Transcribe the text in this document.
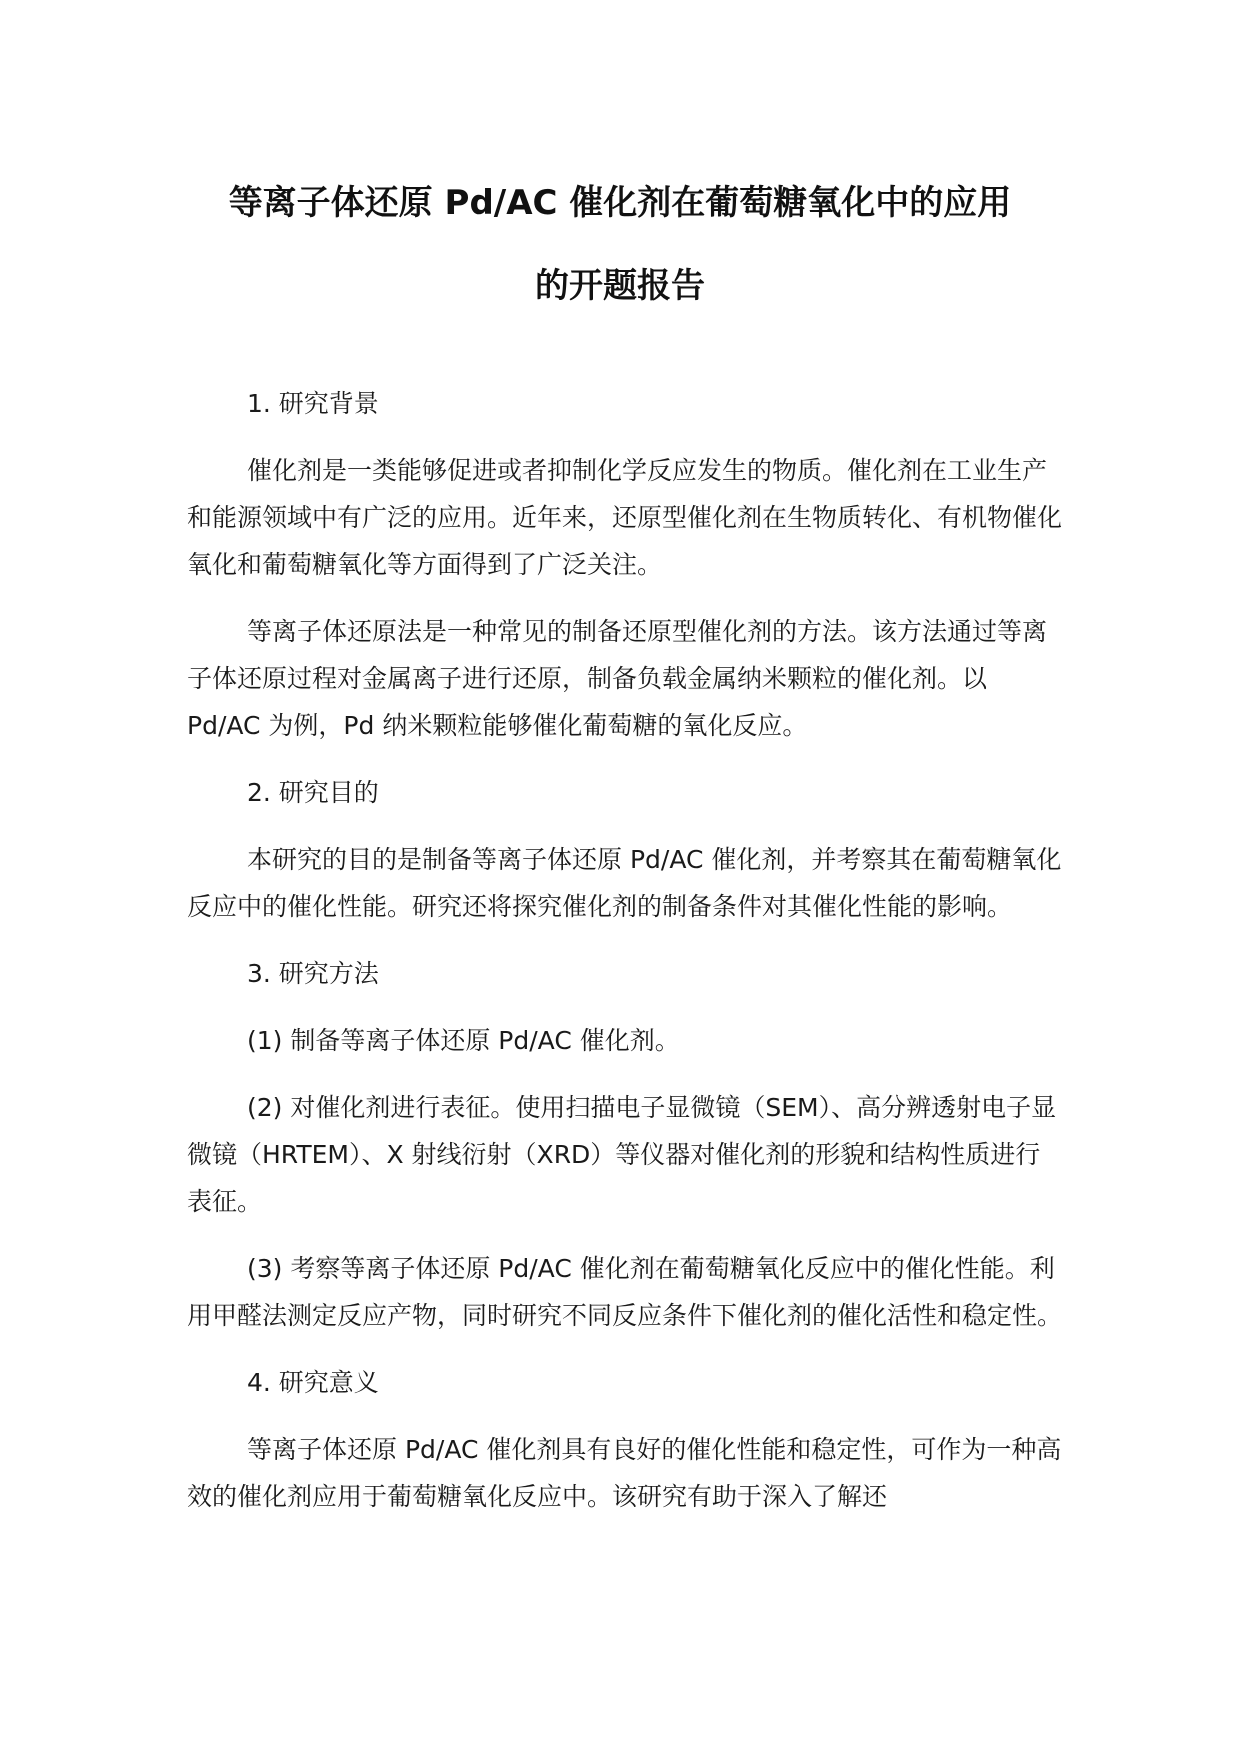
等离子体还原 Pd/AC 催化剂在葡萄糖氧化中的应用
的开题报告
1. 研究背景

催化剂是一类能够促进或者抑制化学反应发生的物质。催化剂在工业生产和能源领域中有广泛的应用。近年来，还原型催化剂在生物质转化、有机物催化氧化和葡萄糖氧化等方面得到了广泛关注。

等离子体还原法是一种常见的制备还原型催化剂的方法。该方法通过等离子体还原过程对金属离子进行还原，制备负载金属纳米颗粒的催化剂。以 Pd/AC 为例，Pd 纳米颗粒能够催化葡萄糖的氧化反应。

2. 研究目的

本研究的目的是制备等离子体还原 Pd/AC 催化剂，并考察其在葡萄糖氧化反应中的催化性能。研究还将探究催化剂的制备条件对其催化性能的影响。

3. 研究方法

(1) 制备等离子体还原 Pd/AC 催化剂。

(2) 对催化剂进行表征。使用扫描电子显微镜（SEM）、高分辨透射电子显微镜（HRTEM）、X 射线衍射（XRD）等仪器对催化剂的形貌和结构性质进行表征。

(3) 考察等离子体还原 Pd/AC 催化剂在葡萄糖氧化反应中的催化性能。利用甲醛法测定反应产物，同时研究不同反应条件下催化剂的催化活性和稳定性。

4. 研究意义

等离子体还原 Pd/AC 催化剂具有良好的催化性能和稳定性，可作为一种高效的催化剂应用于葡萄糖氧化反应中。该研究有助于深入了解还
